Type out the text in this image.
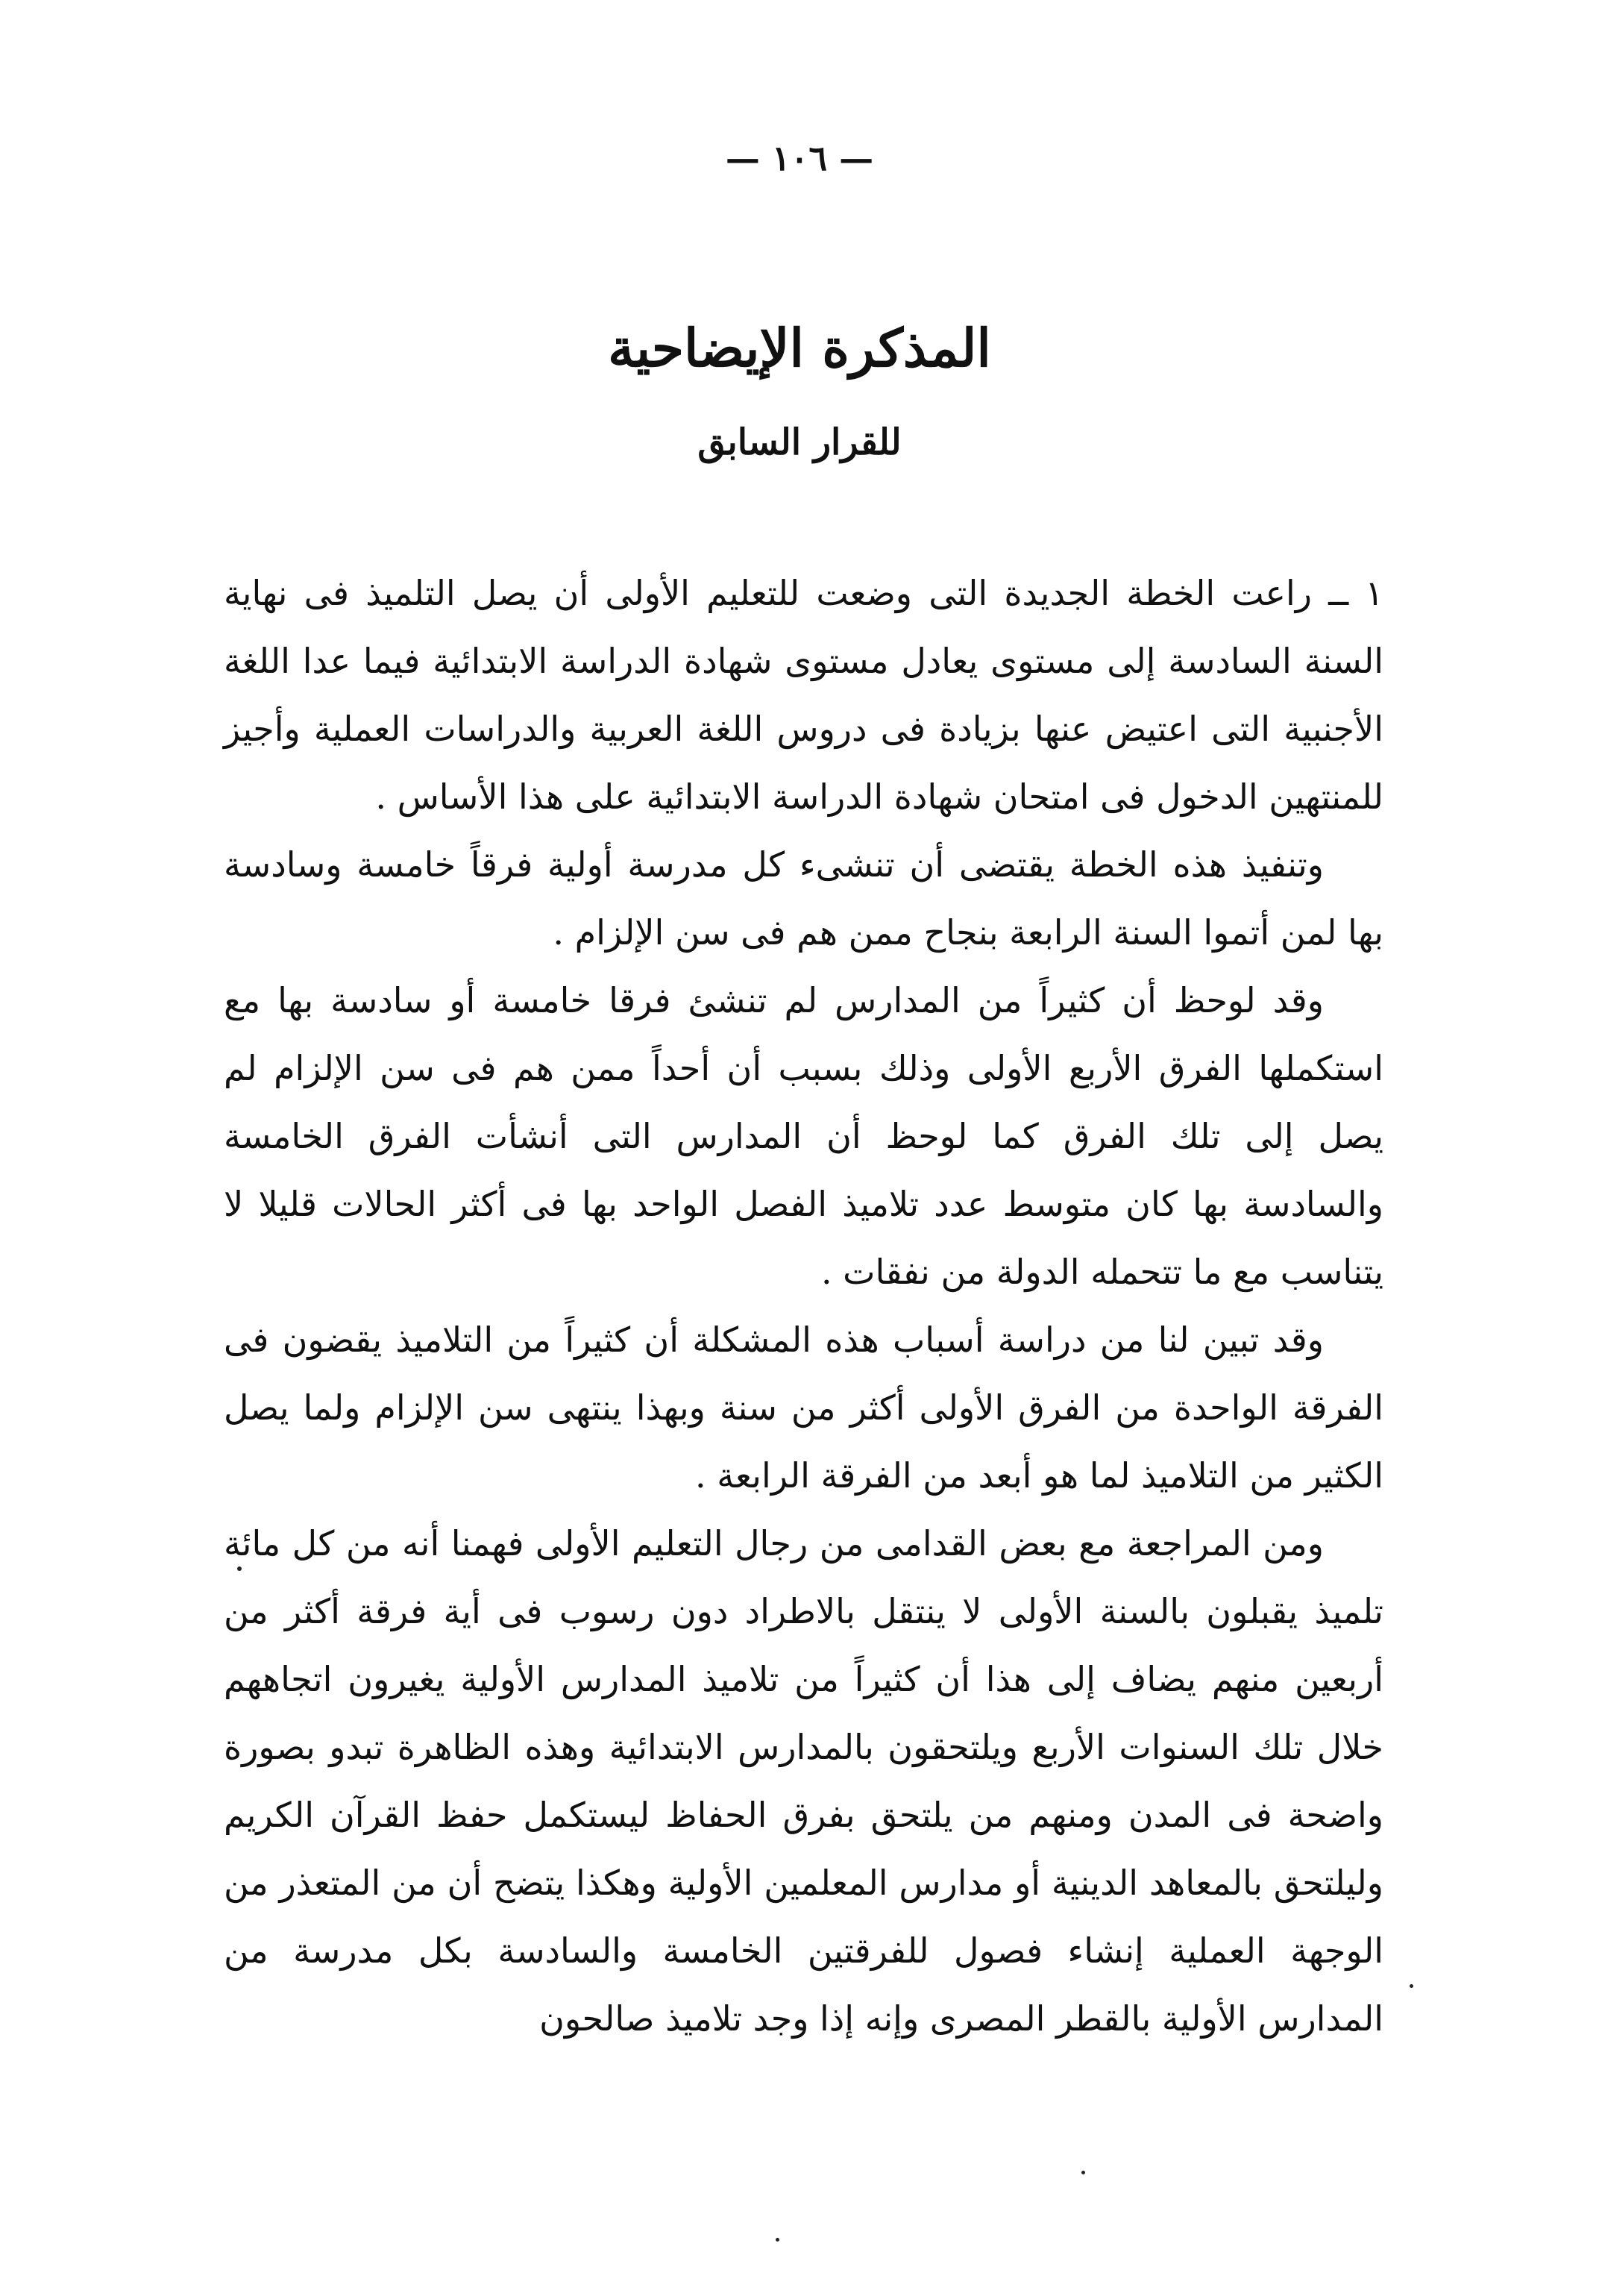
— ١٠٦ —
المذكرة الإيضاحية
للقرار السابق

١ ــ راعت الخطة الجديدة التى وضعت للتعليم الأولى أن يصل التلميذ فى نهاية السنة السادسة إلى مستوى يعادل مستوى شهادة الدراسة الابتدائية فيما عدا اللغة الأجنبية التى اعتيض عنها بزيادة فى دروس اللغة العربية والدراسات العملية وأجيز للمنتهين الدخول فى امتحان شهادة الدراسة الابتدائية على هذا الأساس .

وتنفيذ هذه الخطة يقتضى أن تنشىء كل مدرسة أولية فرقاً خامسة وسادسة بها لمن أتموا السنة الرابعة بنجاح ممن هم فى سن الإلزام .

وقد لوحظ أن كثيراً من المدارس لم تنشئ فرقا خامسة أو سادسة بها مع استكملها الفرق الأربع الأولى وذلك بسبب أن أحداً ممن هم فى سن الإلزام لم يصل إلى تلك الفرق كما لوحظ أن المدارس التى أنشأت الفرق الخامسة والسادسة بها كان متوسط عدد تلاميذ الفصل الواحد بها فى أكثر الحالات قليلا لا يتناسب مع ما تتحمله الدولة من نفقات .

وقد تبين لنا من دراسة أسباب هذه المشكلة أن كثيراً من التلاميذ يقضون فى الفرقة الواحدة من الفرق الأولى أكثر من سنة وبهذا ينتهى سن الإلزام ولما يصل الكثير من التلاميذ لما هو أبعد من الفرقة الرابعة .

ومن المراجعة مع بعض القدامى من رجال التعليم الأولى فهمنا أنه من كل مائة تلميذ يقبلون بالسنة الأولى لا ينتقل بالاطراد دون رسوب فى أية فرقة أكثر من أربعين منهم يضاف إلى هذا أن كثيراً من تلاميذ المدارس الأولية يغيرون اتجاههم خلال تلك السنوات الأربع ويلتحقون بالمدارس الابتدائية وهذه الظاهرة تبدو بصورة واضحة فى المدن ومنهم من يلتحق بفرق الحفاظ ليستكمل حفظ القرآن الكريم وليلتحق بالمعاهد الدينية أو مدارس المعلمين الأولية وهكذا يتضح أن من المتعذر من الوجهة العملية إنشاء فصول للفرقتين الخامسة والسادسة بكل مدرسة من المدارس الأولية بالقطر المصرى وإنه إذا وجد تلاميذ صالحون
